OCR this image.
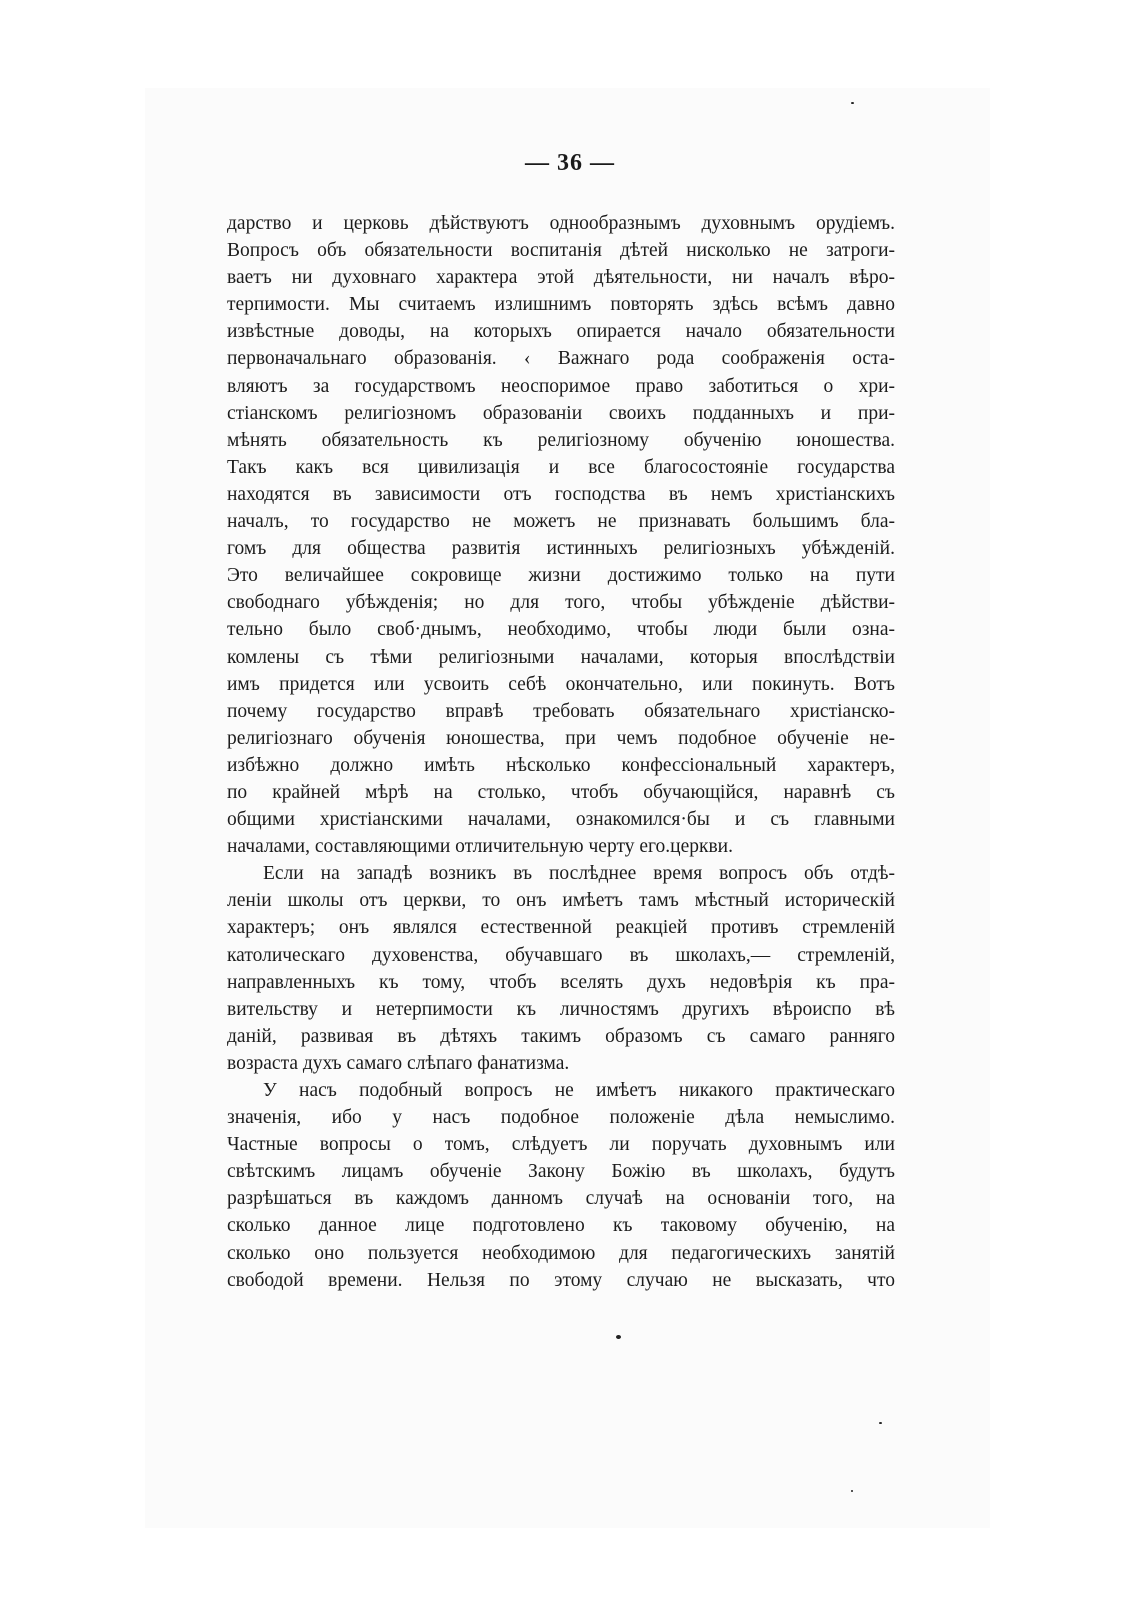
— 36 —
дарство и церковь дѣйствуютъ однообразнымъ духовнымъ орудіемъ.
Вопросъ объ обязательности воспитанія дѣтей нисколько не затроги-
ваетъ ни духовнаго характера этой дѣятельности, ни началъ вѣро-
терпимости. Мы считаемъ излишнимъ повторять здѣсь всѣмъ давно
извѣстные доводы, на которыхъ опирается начало обязательности
первоначальнаго образованія. ‹ Важнаго рода соображенія оста-
вляютъ за государствомъ неоспоримое право заботиться о хри-
стіанскомъ религіозномъ образованіи своихъ подданныхъ и при-
мѣнять обязательность къ религіозному обученію юношества.
Такъ какъ вся цивилизація и все благосостояніе государства
находятся въ зависимости отъ господства въ немъ христіанскихъ
началъ, то государство не можетъ не признавать большимъ бла-
гомъ для общества развитія истинныхъ религіозныхъ убѣжденій.
Это величайшее сокровище жизни достижимо только на пути
свободнаго убѣжденія; но для того, чтобы убѣжденіе дѣйстви-
тельно было своб·днымъ, необходимо, чтобы люди были озна-
комлены съ тѣми религіозными началами, которыя впослѣдствіи
имъ придется или усвоить себѣ окончательно, или покинуть. Вотъ
почему государство вправѣ требовать обязательнаго христіанско-
религіознаго обученія юношества, при чемъ подобное обученіе не-
избѣжно должно имѣть нѣсколько конфессіональный характеръ,
по крайней мѣрѣ на столько, чтобъ обучающійся, наравнѣ съ
общими христіанскими началами, ознакомился·бы и съ главными
началами, составляющими отличительную черту его.церкви.
Если на западѣ возникъ въ послѣднее время вопросъ объ отдѣ-
леніи школы отъ церкви, то онъ имѣетъ тамъ мѣстный историческій
характеръ; онъ являлся естественной реакціей противъ стремленій
католическаго духовенства, обучавшаго въ школахъ,— стремленій,
направленныхъ къ тому, чтобъ вселять духъ недовѣрія къ пра-
вительству и нетерпимости къ личностямъ другихъ вѣроиспо вѣ
даній, развивая въ дѣтяхъ такимъ образомъ съ самаго ранняго
возраста духъ самаго слѣпаго фанатизма.
У насъ подобный вопросъ не имѣетъ никакого практическаго
значенія, ибо у насъ подобное положеніе дѣла немыслимо.
Частные вопросы о томъ, слѣдуетъ ли поручать духовнымъ или
свѣтскимъ лицамъ обученіе Закону Божію въ школахъ, будутъ
разрѣшаться въ каждомъ данномъ случаѣ на основаніи того, на
сколько данное лице подготовлено къ таковому обученію, на
сколько оно пользуется необходимою для педагогическихъ занятій
свободой времени. Нельзя по этому случаю не высказать, что
